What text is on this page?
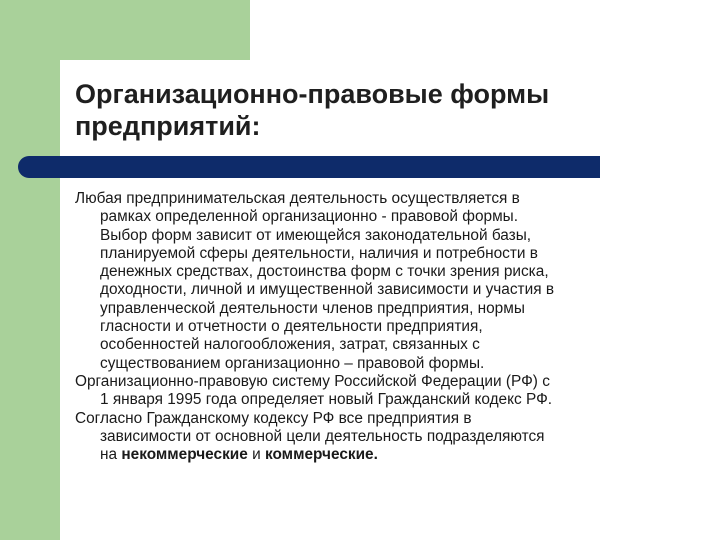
Организационно-правовые формы
предприятий:
Любая предпринимательская деятельность осуществляется в
рамках определенной организационно - правовой формы.
Выбор форм зависит от имеющейся законодательной базы,
планируемой сферы деятельности, наличия и потребности в
денежных средствах, достоинства форм с точки зрения риска,
доходности, личной и имущественной зависимости и участия в
управленческой деятельности членов предприятия, нормы
гласности и отчетности о деятельности предприятия,
особенностей налогообложения, затрат, связанных с
существованием организационно – правовой формы.
Организационно-правовую систему Российской Федерации (РФ) с
1 января 1995 года определяет новый Гражданский кодекс РФ.
Согласно Гражданскому кодексу РФ все предприятия в
зависимости от основной цели деятельность подразделяются
на некоммерческие и коммерческие.
